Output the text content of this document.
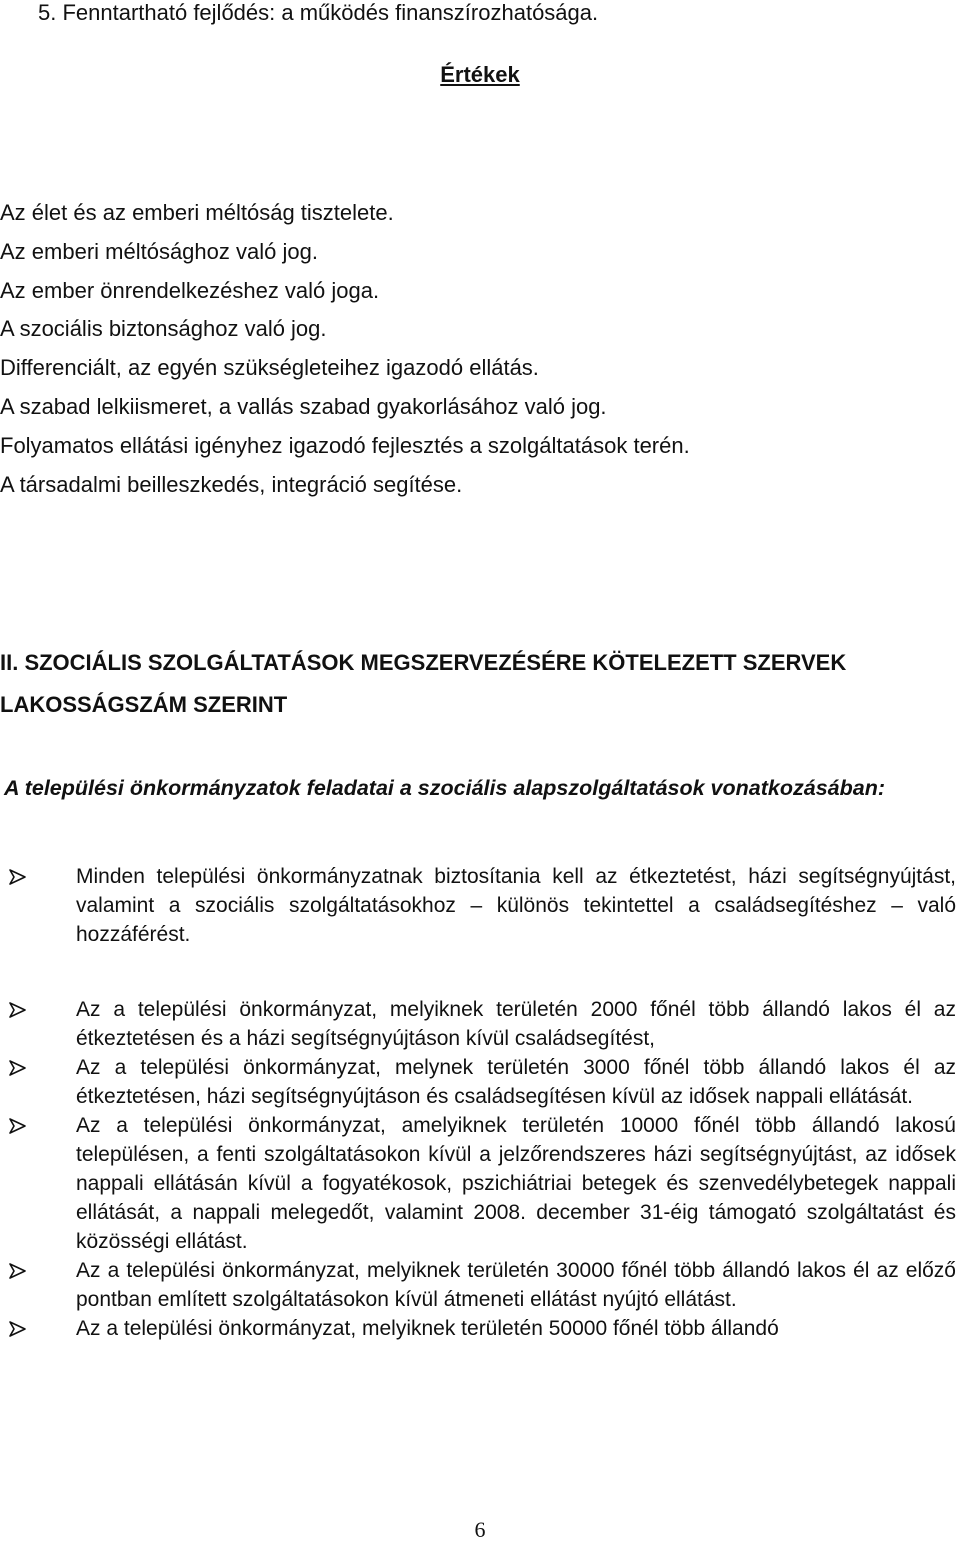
5. Fenntartható fejlődés: a működés finanszírozhatósága.

Értékek
Az élet és az emberi méltóság tisztelete.
Az emberi méltósághoz való jog.
Az ember önrendelkezéshez való joga.
A szociális biztonsághoz való jog.
Differenciált, az egyén szükségleteihez igazodó ellátás.
A szabad lelkiismeret, a vallás szabad gyakorlásához való jog.
Folyamatos ellátási igényhez igazodó fejlesztés a szolgáltatások terén.
A társadalmi beilleszkedés, integráció segítése.
II. SZOCIÁLIS SZOLGÁLTATÁSOK MEGSZERVEZÉSÉRE KÖTELEZETT SZERVEK LAKOSSÁGSZÁM SZERINT

A települési önkormányzatok feladatai a szociális alapszolgáltatások vonatkozásában:

Minden települési önkormányzatnak biztosítania kell az étkeztetést, házi segítségnyújtást, valamint a szociális szolgáltatásokhoz – különös tekintettel a családsegítéshez – való hozzáférést.
Az a települési önkormányzat, melyiknek területén 2000 főnél több állandó lakos él az étkeztetésen és a házi segítségnyújtáson kívül családsegítést,
Az a települési önkormányzat, melynek területén 3000 főnél több állandó lakos él az étkeztetésen, házi segítségnyújtáson és családsegítésen kívül az idősek nappali ellátását.
Az a települési önkormányzat, amelyiknek területén 10000 főnél több állandó lakosú településen, a fenti szolgáltatásokon kívül a jelzőrendszeres házi segítségnyújtást, az idősek nappali ellátásán kívül a fogyatékosok, pszichiátriai betegek és szenvedélybetegek nappali ellátását, a nappali melegedőt, valamint 2008. december 31-éig támogató szolgáltatást és közösségi ellátást.
Az a települési önkormányzat, melyiknek területén 30000 főnél több állandó lakos él az előző pontban említett szolgáltatásokon kívül átmeneti ellátást nyújtó ellátást.
Az a települési önkormányzat, melyiknek területén 50000 főnél több állandó
6
